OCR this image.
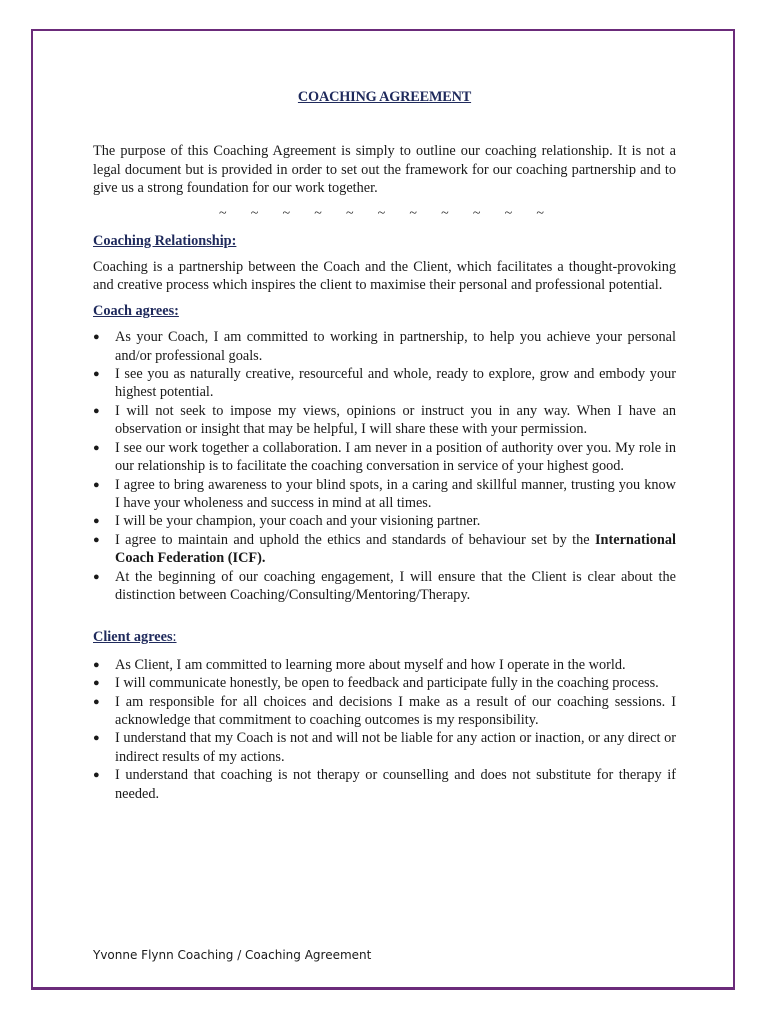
COACHING AGREEMENT

The purpose of this Coaching Agreement is simply to outline our coaching relationship. It is not a legal document but is provided in order to set out the framework for our coaching partnership and to give us a strong foundation for our work together.

~ ~ ~ ~ ~ ~ ~ ~ ~ ~ ~
Coaching Relationship:

Coaching is a partnership between the Coach and the Client, which facilitates a thought-provoking and creative process which inspires the client to maximise their personal and professional potential.

Coach agrees:
●	As your Coach, I am committed to working in partnership, to help you achieve your personal and/or professional goals.
●	I see you as naturally creative, resourceful and whole, ready to explore, grow and embody your highest potential.
●	I will not seek to impose my views, opinions or instruct you in any way. When I have an observation or insight that may be helpful, I will share these with your permission.
●	I see our work together a collaboration. I am never in a position of authority over you. My role in our relationship is to facilitate the coaching conversation in service of your highest good.
●	I agree to bring awareness to your blind spots, in a caring and skillful manner, trusting you know I have your wholeness and success in mind at all times.
●	I will be your champion, your coach and your visioning partner.
●	I agree to maintain and uphold the ethics and standards of behaviour set by the International Coach Federation (ICF).
●	At the beginning of our coaching engagement, I will ensure that the Client is clear about the distinction between Coaching/Consulting/Mentoring/Therapy.
Client agrees:
●	As Client, I am committed to learning more about myself and how I operate in the world.
●	I will communicate honestly, be open to feedback and participate fully in the coaching process.
●	I am responsible for all choices and decisions I make as a result of our coaching sessions. I acknowledge that commitment to coaching outcomes is my responsibility.
●	I understand that my Coach is not and will not be liable for any action or inaction, or any direct or indirect results of my actions.
●	I understand that coaching is not therapy or counselling and does not substitute for therapy if needed.
Yvonne Flynn Coaching / Coaching Agreement
